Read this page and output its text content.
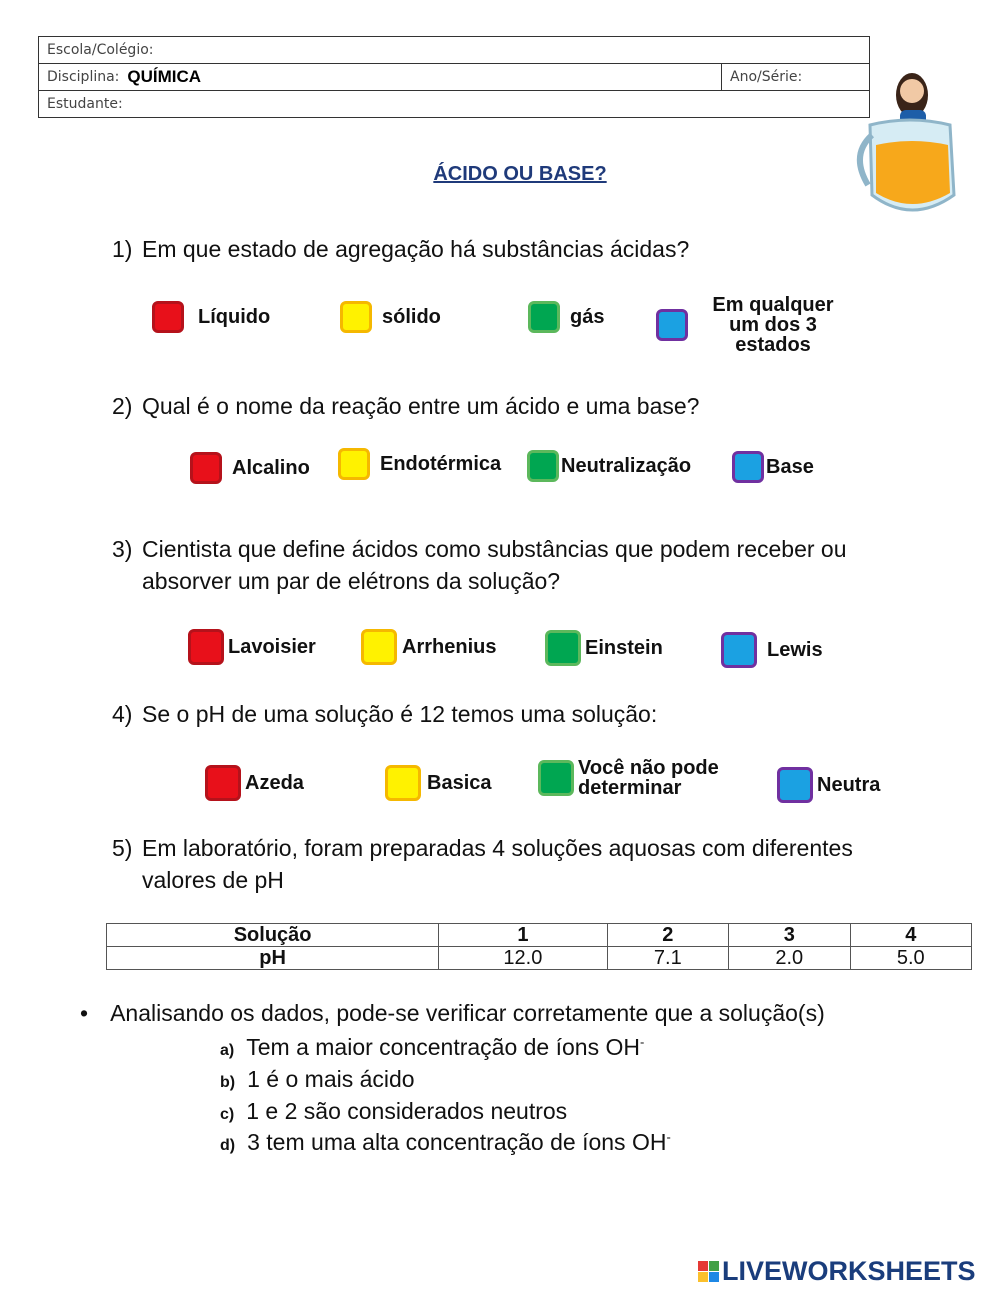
Escola/Colégio:
Disciplina: QUÍMICA	Ano/Série:
Estudante:
ÁCIDO OU BASE?
1) Em que estado de agregação há substâncias ácidas?
Líquido	sólido	gás
Em qualquer um dos 3 estados
2) Qual é o nome da reação entre um ácido e uma base?
Alcalino	Endotérmica	Neutralização	Base
3) Cientista que define ácidos como substâncias que podem receber ou absorver um par de elétrons da solução?
Lavoisier	Arrhenius	Einstein	Lewis
4) Se o pH de uma solução é 12 temos uma solução:
Azeda	Basica
Você não pode determinar	Neutra
5) Em laboratório, foram preparadas 4 soluções aquosas com diferentes valores de pH
Solução	1	2	3	4
pH	12.0	7.1	2.0	5.0
• Analisando os dados, pode-se verificar corretamente que a solução(s)
a) Tem a maior concentração de íons OH-
b) 1 é o mais ácido
c) 1 e 2 são considerados neutros
d) 3 tem uma alta concentração de íons OH-
LIVEWORKSHEETS
